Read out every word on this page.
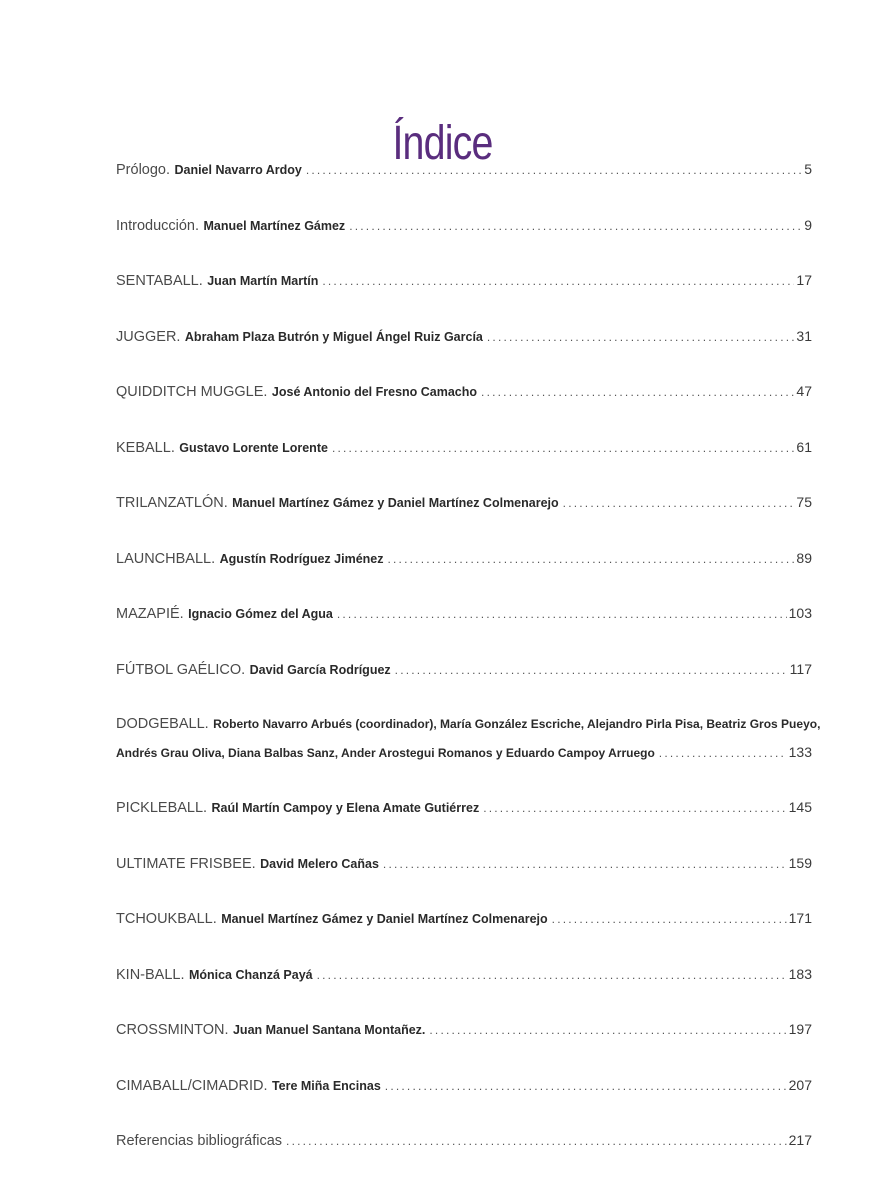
Índice
Prólogo.
Daniel Navarro Ardoy .....	5
Introducción.
Manuel Martínez Gámez .....	9
SENTABALL.
Juan Martín Martín .....	17
JUGGER.
Abraham Plaza Butrón y Miguel Ángel Ruiz García .....	31
QUIDDITCH MUGGLE.
José Antonio del Fresno Camacho .....	47
KEBALL.
Gustavo Lorente Lorente .....	61
TRILANZATLÓN.
Manuel Martínez Gámez y Daniel Martínez Colmenarejo .....	75
LAUNCHBALL.
Agustín Rodríguez Jiménez .....	89
MAZAPIÉ.
Ignacio Gómez del Agua .....	103
FÚTBOL GAÉLICO.
David García Rodríguez .....	117
DODGEBALL.
Roberto Navarro Arbués (coordinador), María González Escriche, Alejandro Pirla Pisa, Beatriz Gros Pueyo,
Andrés Grau Oliva, Diana Balbas Sanz, Ander Arostegui Romanos y Eduardo Campoy Arruego .....	133
PICKLEBALL.
Raúl Martín Campoy y Elena Amate Gutiérrez .....	145
ULTIMATE FRISBEE.
David Melero Cañas .....	159
TCHOUKBALL.
Manuel Martínez Gámez y Daniel Martínez Colmenarejo .....	171
KIN-BALL.
Mónica Chanzá Payá .....	183
CROSSMINTON.
Juan Manuel Santana Montañez. .....	197
CIMABALL/CIMADRID.
Tere Miña Encinas .....	207
Referencias bibliográficas .....	217
